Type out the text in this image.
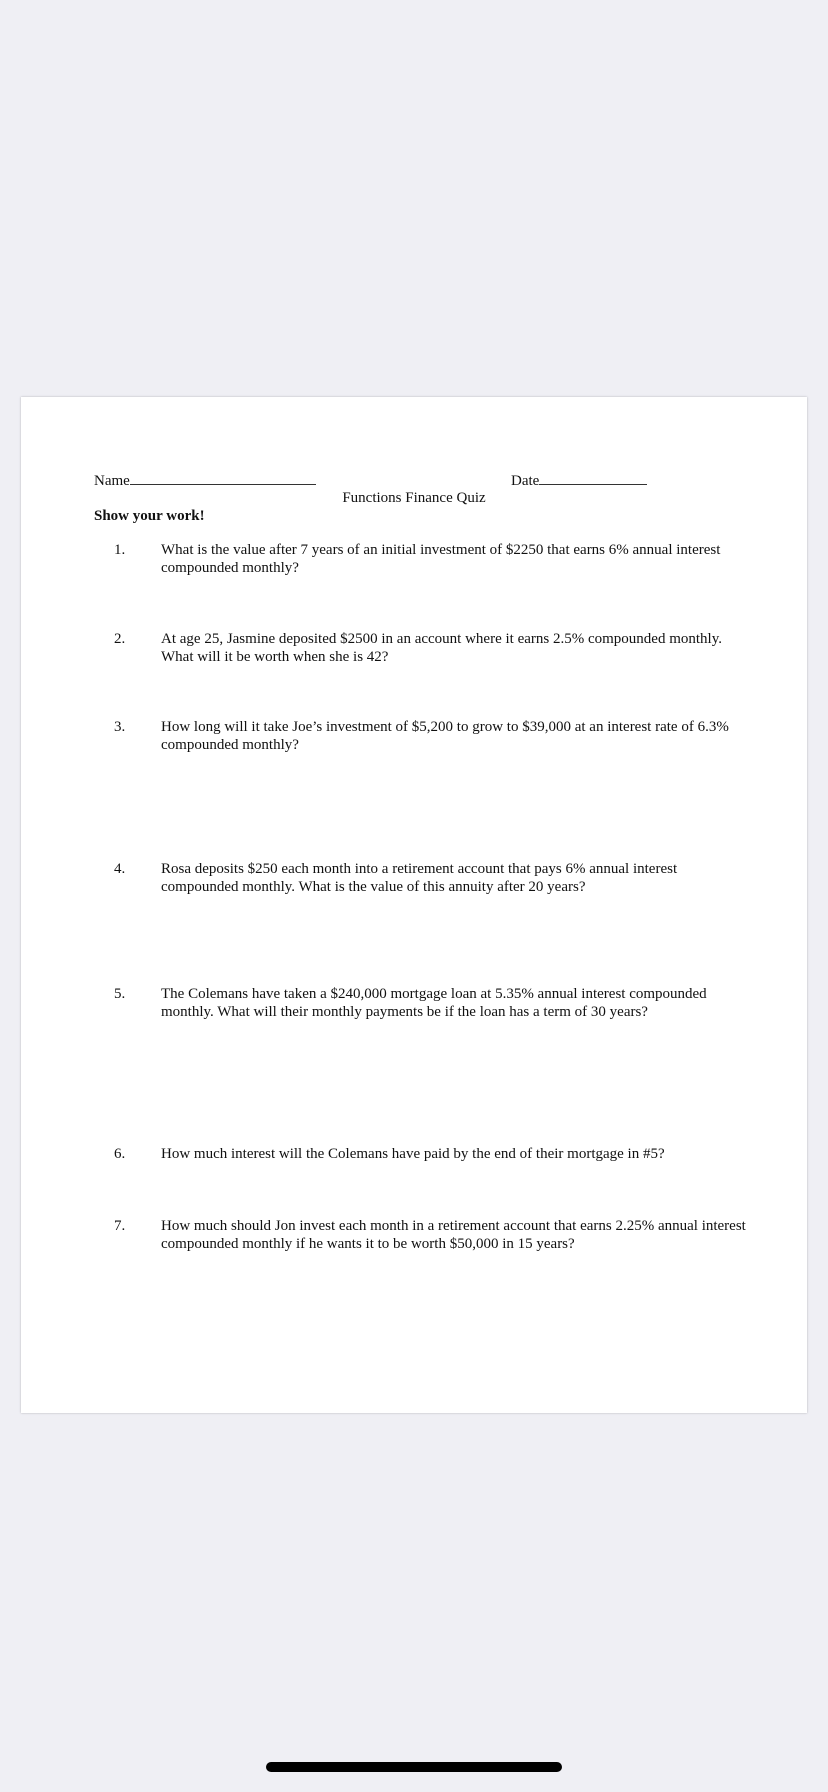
Name	Date
Functions Finance Quiz
Show your work!
1.	What is the value after 7 years of an initial investment of $2250 that earns 6% annual interest compounded monthly?
2.	At age 25, Jasmine deposited $2500 in an account where it earns 2.5% compounded monthly. What will it be worth when she is 42?
3.	How long will it take Joe’s investment of $5,200 to grow to $39,000 at an interest rate of 6.3% compounded monthly?
4.	Rosa deposits $250 each month into a retirement account that pays 6% annual interest compounded monthly. What is the value of this annuity after 20 years?
5.	The Colemans have taken a $240,000 mortgage loan at 5.35% annual interest compounded monthly. What will their monthly payments be if the loan has a term of 30 years?
6.	How much interest will the Colemans have paid by the end of their mortgage in #5?
7.	How much should Jon invest each month in a retirement account that earns 2.25% annual interest compounded monthly if he wants it to be worth $50,000 in 15 years?
